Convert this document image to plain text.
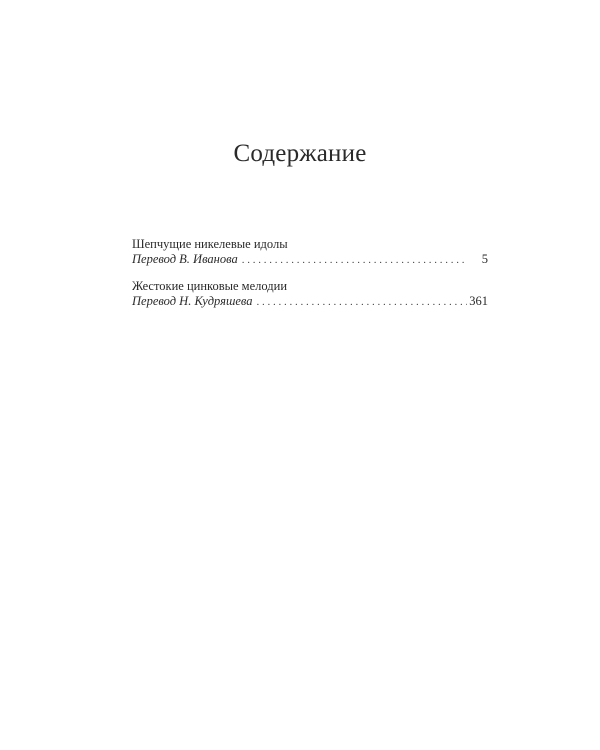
Содержание
Шепчущие никелевые идолы
Перевод В. Иванова . . .	5
Жестокие цинковые мелодии
Перевод Н. Кудряшева . . .	361
